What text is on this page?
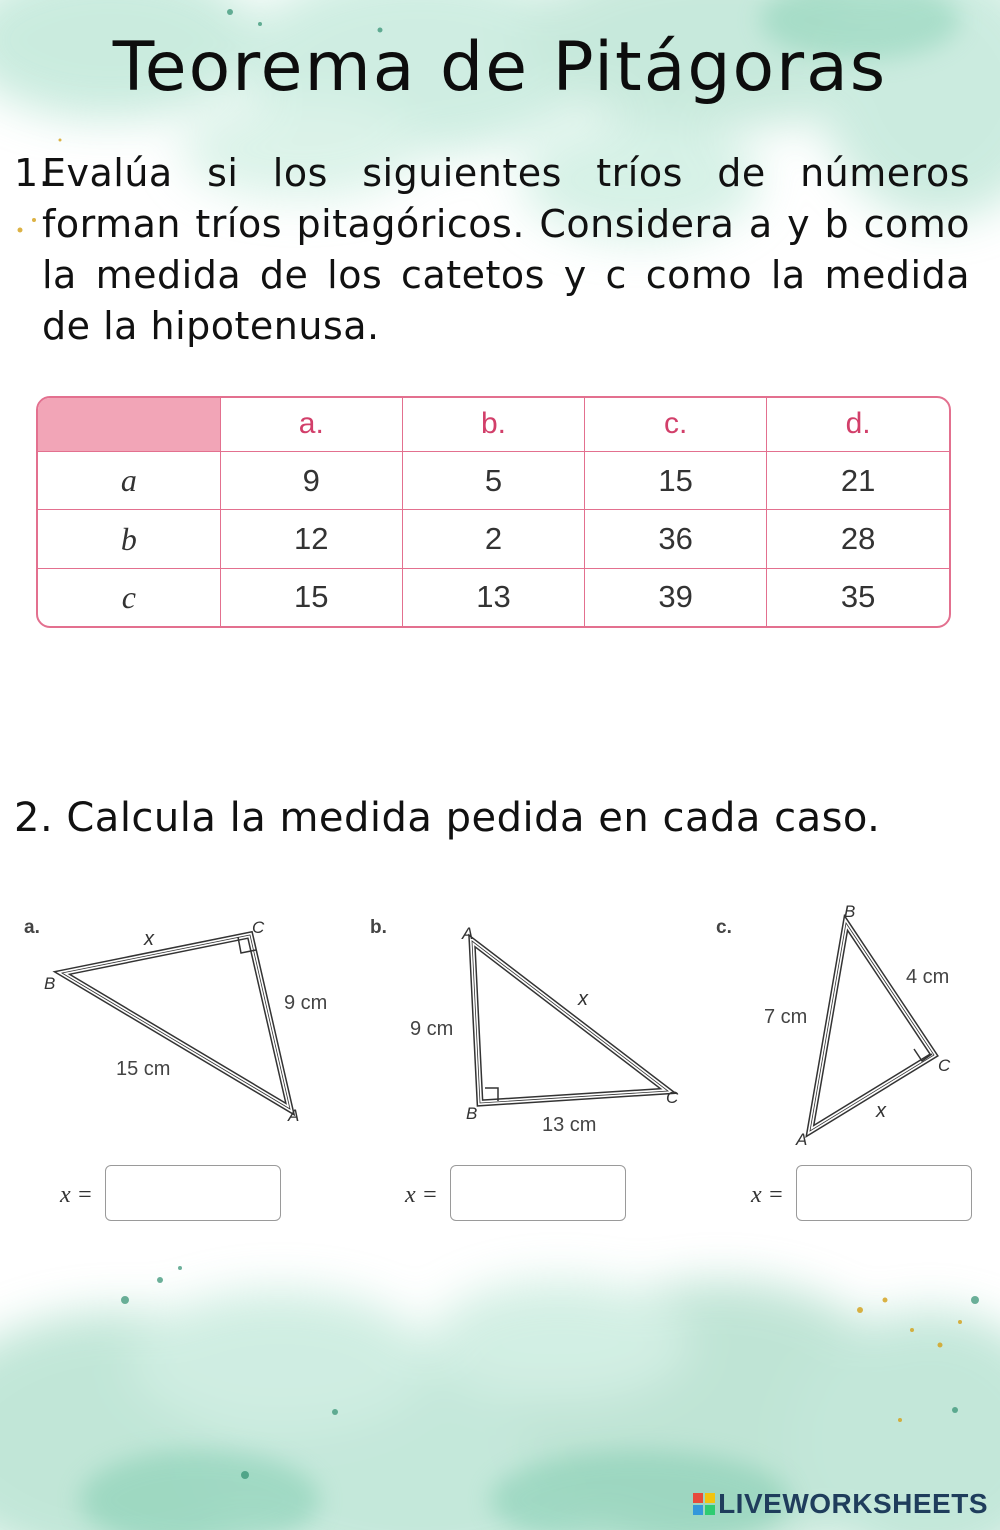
Teorema de Pitágoras
1.
Evalúa si los siguientes tríos de números forman tríos pitagóricos. Considera a y b como la medida de los catetos y c como la medida de la hipotenusa.
	a.	b.	c.	d.
a	9	5	15	21
b	12	2	36	28
c	15	13	39	35
2. Calcula la medida pedida en cada caso.
a.
B
C
A
x
9 cm
15 cm
b.	A
B
C
9 cm
13 cm
x
c.
B
C
A
7 cm
4 cm
x
x =	x =	x =
LIVEWORKSHEETS
